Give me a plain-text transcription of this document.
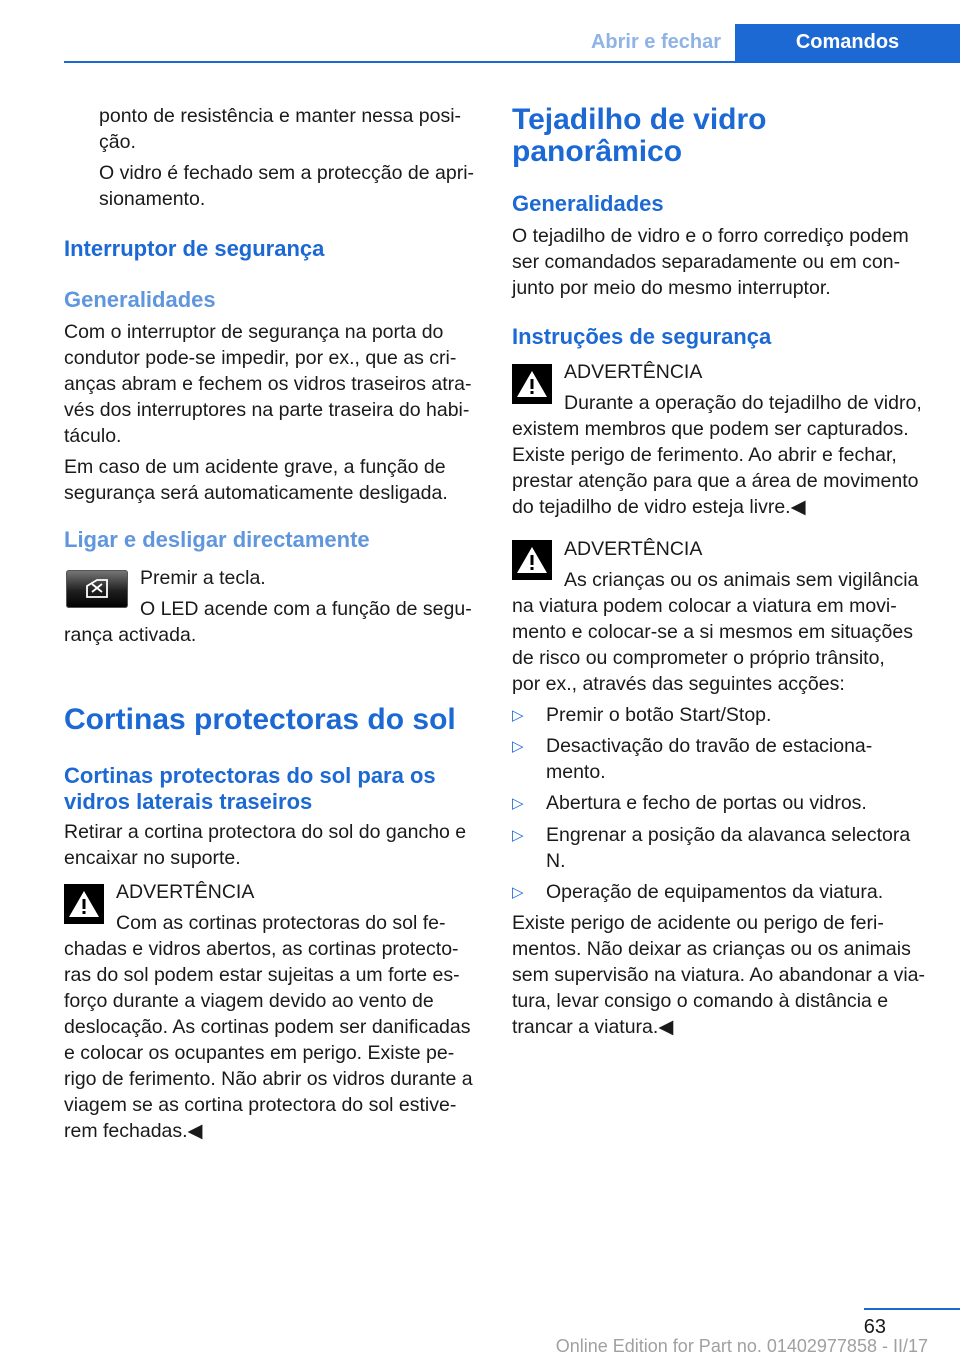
Abrir e fechar	Comandos

ponto de resistência e manter nessa posi‐

ção.

O vidro é fechado sem a protecção de apri‐

sionamento.

Interruptor de segurança
Generalidades

Com o interruptor de segurança na porta do

condutor pode-se impedir, por ex., que as cri‐

anças abram e fechem os vidros traseiros atra‐

vés dos interruptores na parte traseira do habi‐

táculo.

Em caso de um acidente grave, a função de

segurança será automaticamente desligada.

Ligar e desligar directamente

Premir a tecla.

O LED acende com a função de segu‐

rança activada.

Cortinas protectoras do sol
Cortinas protectoras do sol para os
vidros laterais traseiros

Retirar a cortina protectora do sol do gancho e

encaixar no suporte.

ADVERTÊNCIA

Com as cortinas protectoras do sol fe‐

chadas e vidros abertos, as cortinas protecto‐

ras do sol podem estar sujeitas a um forte es‐

forço durante a viagem devido ao vento de

deslocação. As cortinas podem ser danificadas

e colocar os ocupantes em perigo. Existe pe‐

rigo de ferimento. Não abrir os vidros durante a

viagem se as cortina protectora do sol estive‐

rem fechadas.◀

Tejadilho de vidro
panorâmico
Generalidades

O tejadilho de vidro e o forro corrediço podem

ser comandados separadamente ou em con‐

junto por meio do mesmo interruptor.

Instruções de segurança

ADVERTÊNCIA

Durante a operação do tejadilho de vidro,

existem membros que podem ser capturados.

Existe perigo de ferimento. Ao abrir e fechar,

prestar atenção para que a área de movimento

do tejadilho de vidro esteja livre.◀

ADVERTÊNCIA

As crianças ou os animais sem vigilância

na viatura podem colocar a viatura em movi‐

mento e colocar-se a si mesmos em situações

de risco ou comprometer o próprio trânsito,

por ex., através das seguintes acções:

▷	Premir o botão Start/Stop.

▷	Desactivação do travão de estaciona‐

mento.

▷	Abertura e fecho de portas ou vidros.

▷	Engrenar a posição da alavanca selectora

N.

▷	Operação de equipamentos da viatura.

Existe perigo de acidente ou perigo de feri‐

mentos. Não deixar as crianças ou os animais

sem supervisão na viatura. Ao abandonar a via‐

tura, levar consigo o comando à distância e

trancar a viatura.◀

63
Online Edition for Part no. 01402977858 - II/17
